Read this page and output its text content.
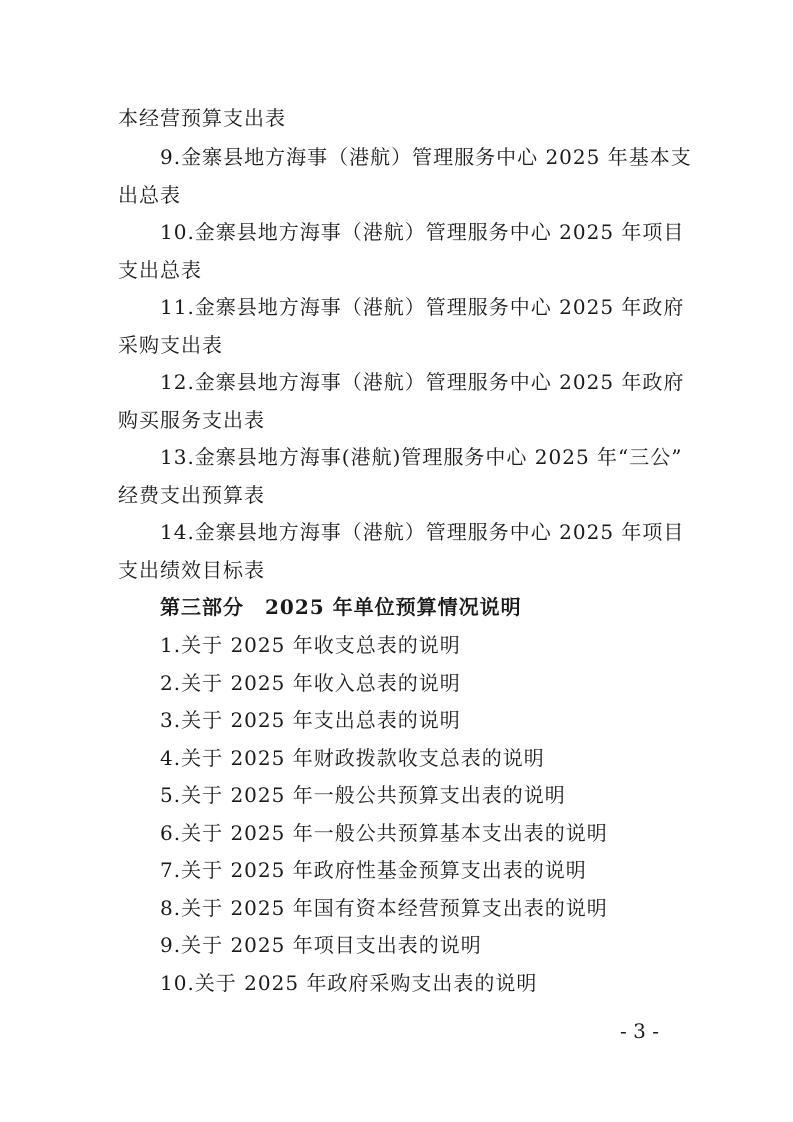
本经营预算支出表
9.金寨县地方海事（港航）管理服务中心 2025 年基本支
出总表
10.金寨县地方海事（港航）管理服务中心 2025 年项目
支出总表
11.金寨县地方海事（港航）管理服务中心 2025 年政府
采购支出表
12.金寨县地方海事（港航）管理服务中心 2025 年政府
购买服务支出表
13.金寨县地方海事(港航)管理服务中心 2025 年“三公”
经费支出预算表
14.金寨县地方海事（港航）管理服务中心 2025 年项目
支出绩效目标表
第三部分　2025 年单位预算情况说明
1.关于 2025 年收支总表的说明
2.关于 2025 年收入总表的说明
3.关于 2025 年支出总表的说明
4.关于 2025 年财政拨款收支总表的说明
5.关于 2025 年一般公共预算支出表的说明
6.关于 2025 年一般公共预算基本支出表的说明
7.关于 2025 年政府性基金预算支出表的说明
8.关于 2025 年国有资本经营预算支出表的说明
9.关于 2025 年项目支出表的说明
10.关于 2025 年政府采购支出表的说明
- 3 -
